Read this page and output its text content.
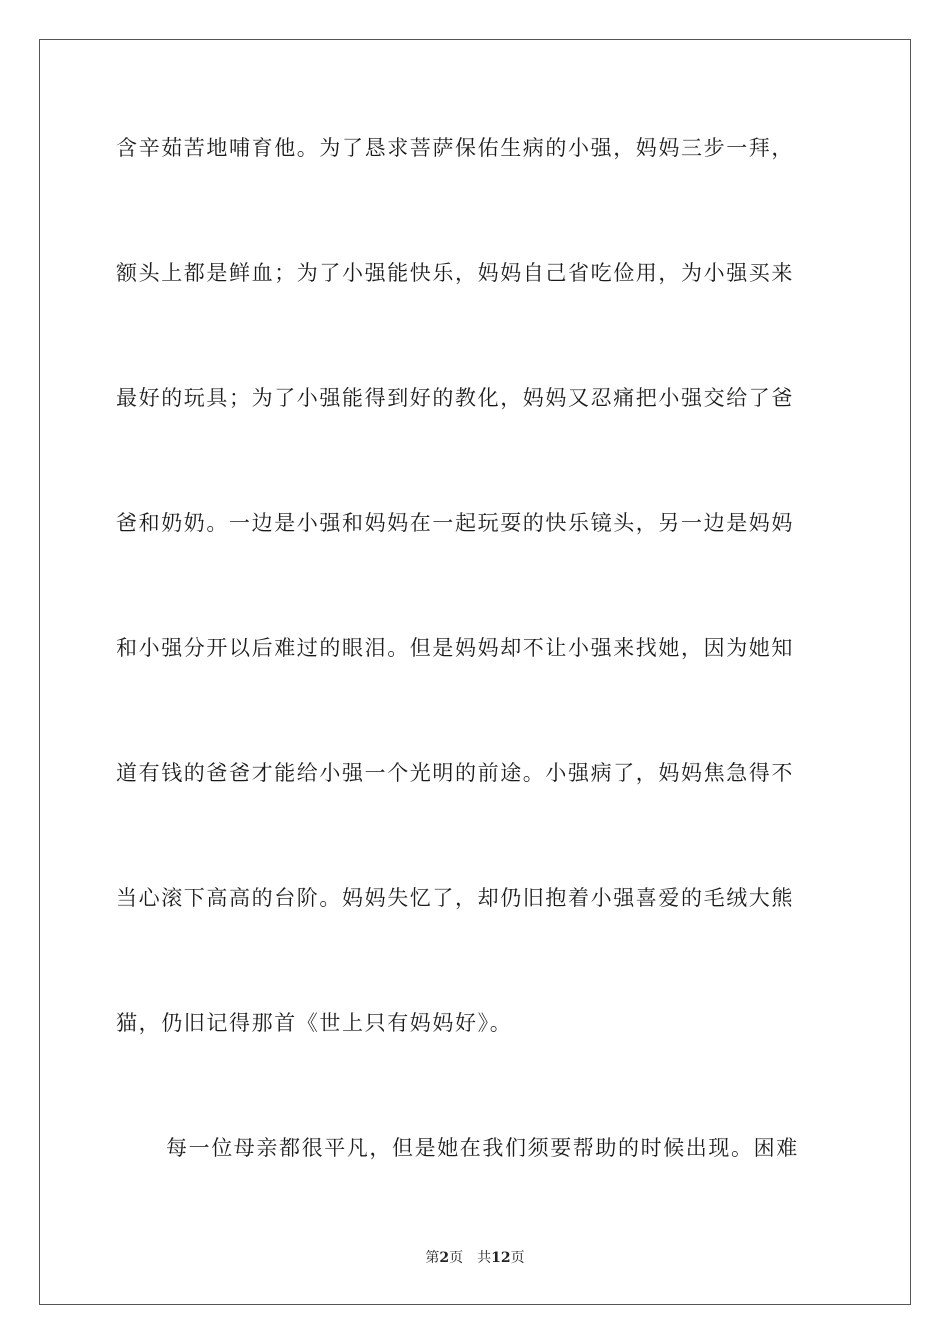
含辛茹苦地哺育他。为了恳求菩萨保佑生病的小强，妈妈三步一拜，
额头上都是鲜血；为了小强能快乐，妈妈自己省吃俭用，为小强买来
最好的玩具；为了小强能得到好的教化，妈妈又忍痛把小强交给了爸
爸和奶奶。一边是小强和妈妈在一起玩耍的快乐镜头，另一边是妈妈
和小强分开以后难过的眼泪。但是妈妈却不让小强来找她，因为她知
道有钱的爸爸才能给小强一个光明的前途。小强病了，妈妈焦急得不
当心滚下高高的台阶。妈妈失忆了，却仍旧抱着小强喜爱的毛绒大熊
猫，仍旧记得那首《世上只有妈妈好》。
每一位母亲都很平凡，但是她在我们须要帮助的时候出现。困难
第2页 共12页
